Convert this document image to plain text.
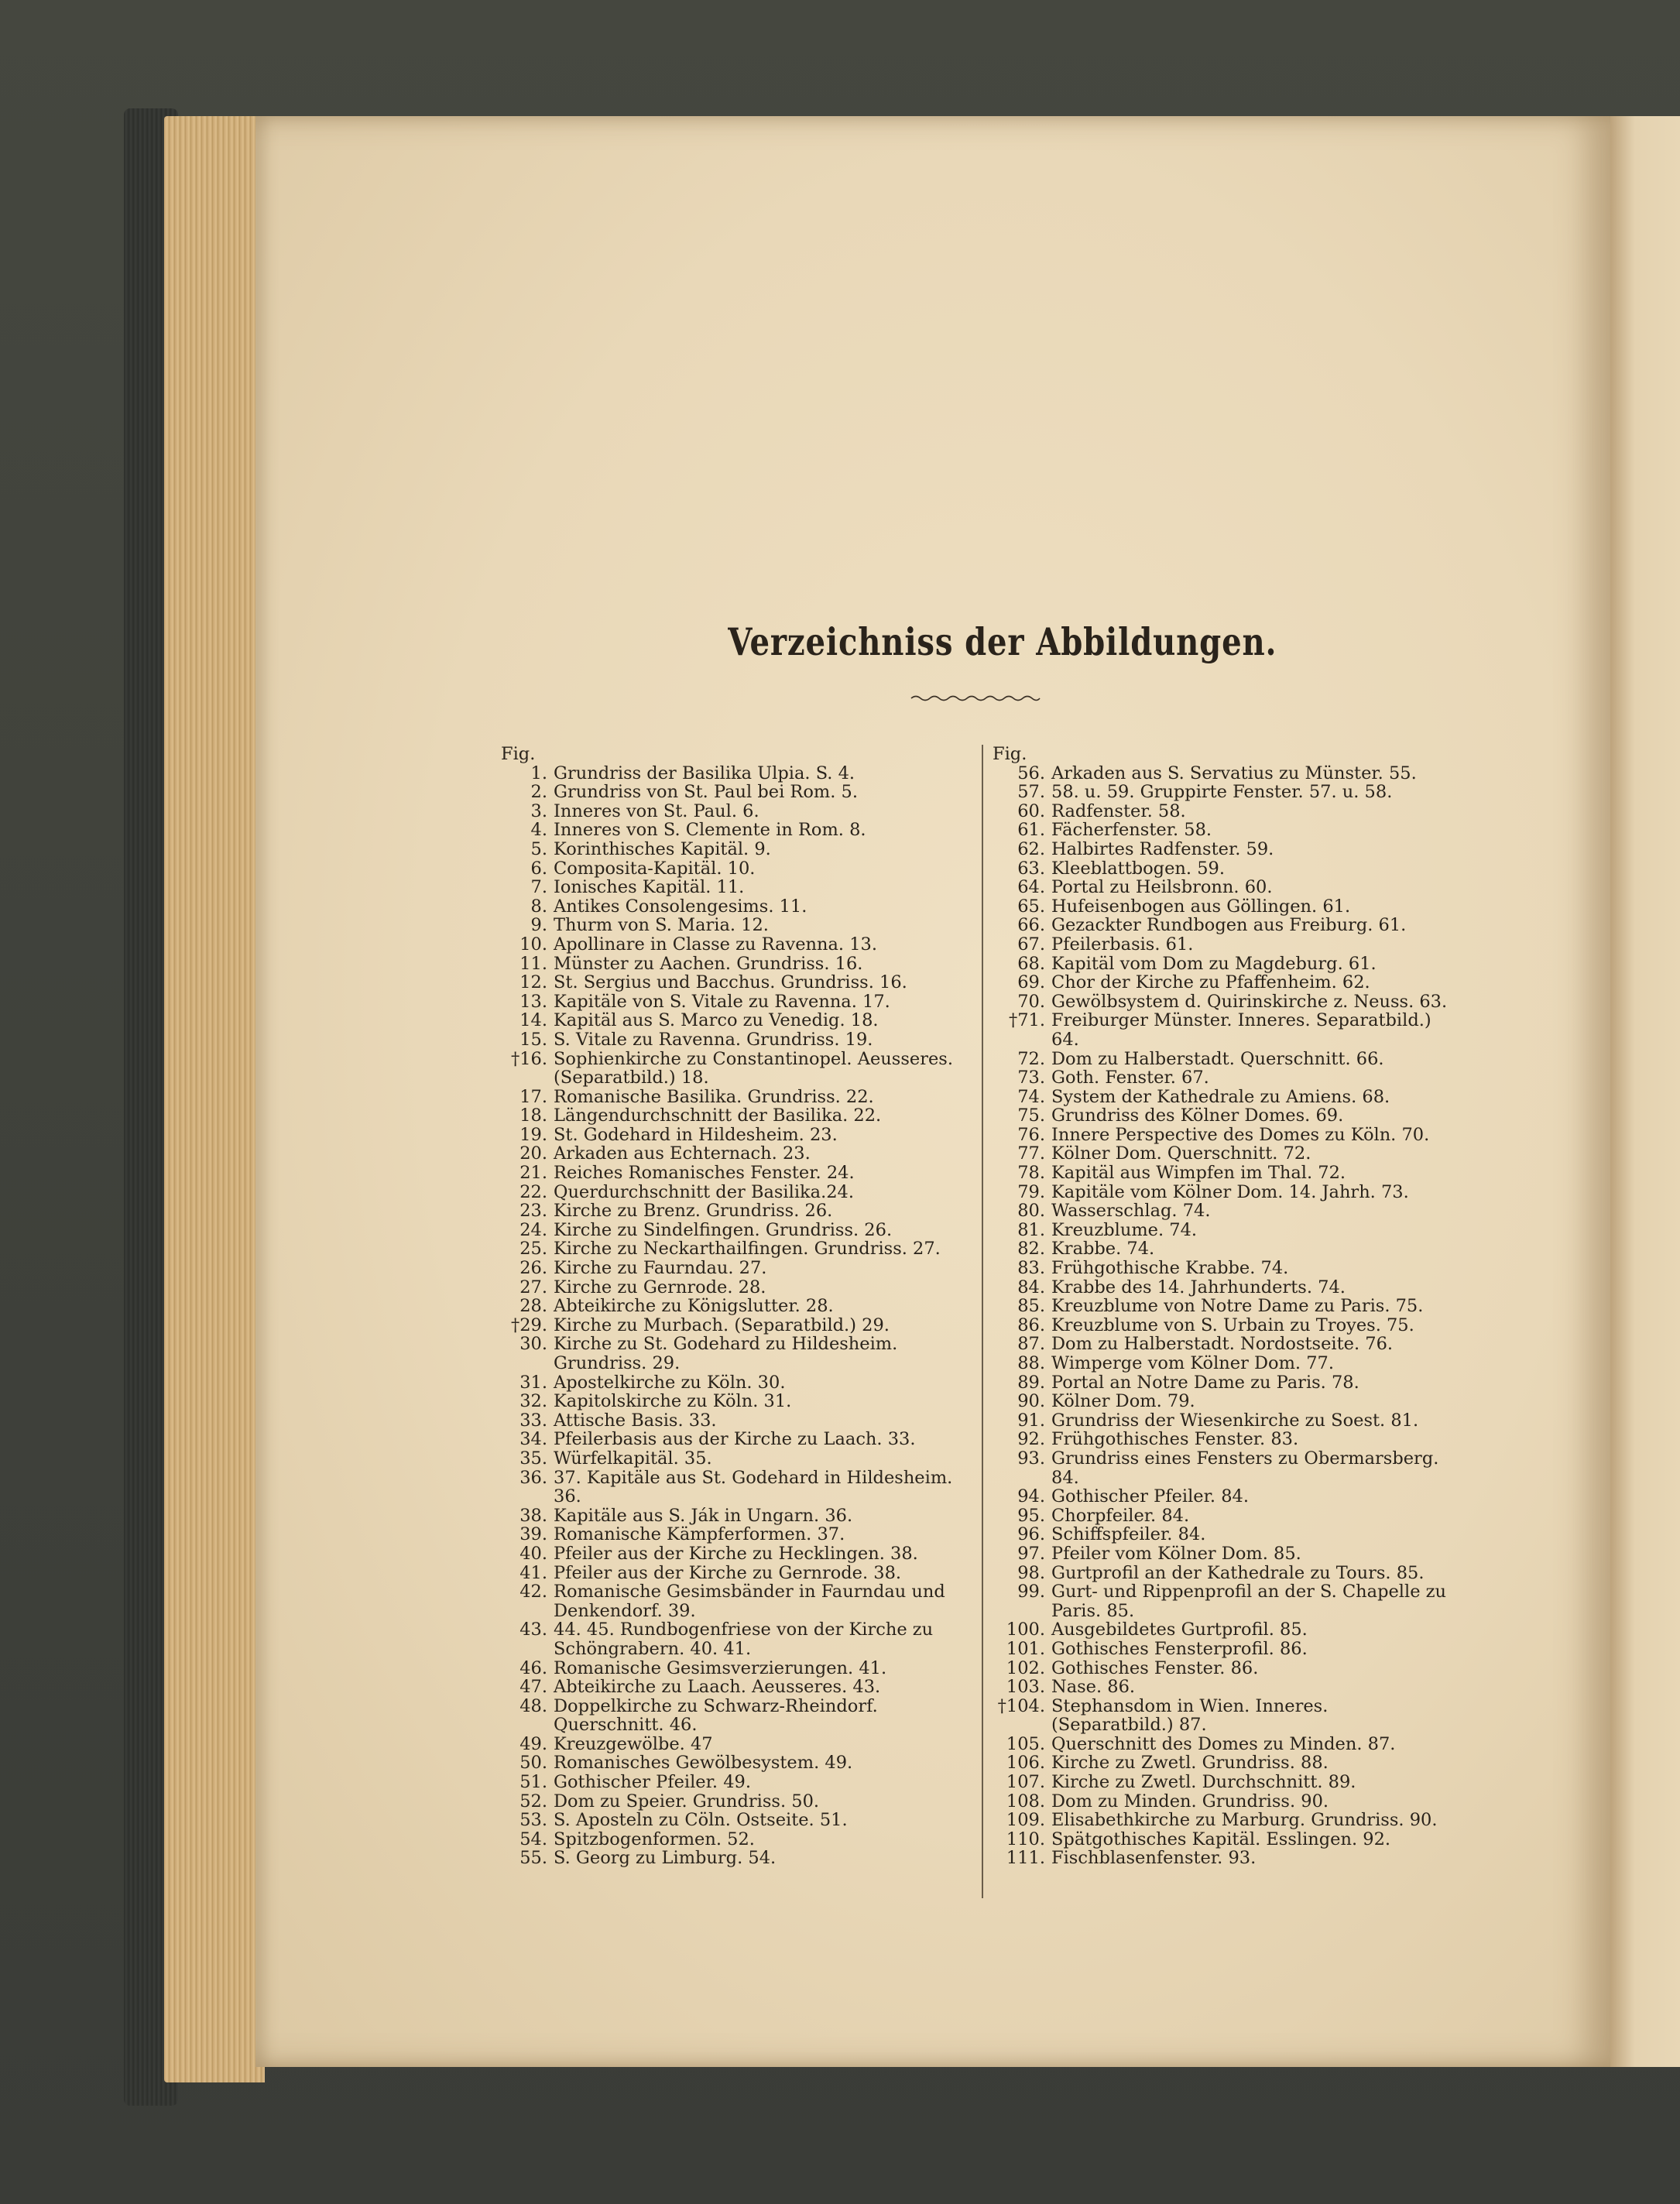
Verzeichniss der Abbildungen.
Fig.
1. Grundriss der Basilika Ulpia. S. 4.
2. Grundriss von St. Paul bei Rom. 5.
3. Inneres von St. Paul. 6.
4. Inneres von S. Clemente in Rom. 8.
5. Korinthisches Kapitäl. 9.
6. Composita-Kapitäl. 10.
7. Ionisches Kapitäl. 11.
8. Antikes Consolengesims. 11.
9. Thurm von S. Maria. 12.
10. Apollinare in Classe zu Ravenna. 13.
11. Münster zu Aachen. Grundriss. 16.
12. St. Sergius und Bacchus. Grundriss. 16.
13. Kapitäle von S. Vitale zu Ravenna. 17.
14. Kapitäl aus S. Marco zu Venedig. 18.
15. S. Vitale zu Ravenna. Grundriss. 19.
†16. Sophienkirche zu Constantinopel. Aeusseres. (Separatbild.) 18.
17. Romanische Basilika. Grundriss. 22.
18. Längendurchschnitt der Basilika. 22.
19. St. Godehard in Hildesheim. 23.
20. Arkaden aus Echternach. 23.
21. Reiches Romanisches Fenster. 24.
22. Querdurchschnitt der Basilika.24.
23. Kirche zu Brenz. Grundriss. 26.
24. Kirche zu Sindelfingen. Grundriss. 26.
25. Kirche zu Neckarthailfingen. Grundriss. 27.
26. Kirche zu Faurndau. 27.
27. Kirche zu Gernrode. 28.
28. Abteikirche zu Königslutter. 28.
†29. Kirche zu Murbach. (Separatbild.) 29.
30. Kirche zu St. Godehard zu Hildesheim. Grundriss. 29.
31. Apostelkirche zu Köln. 30.
32. Kapitolskirche zu Köln. 31.
33. Attische Basis. 33.
34. Pfeilerbasis aus der Kirche zu Laach. 33.
35. Würfelkapitäl. 35.
36. 37. Kapitäle aus St. Godehard in Hildesheim. 36.
38. Kapitäle aus S. Ják in Ungarn. 36.
39. Romanische Kämpferformen. 37.
40. Pfeiler aus der Kirche zu Hecklingen. 38.
41. Pfeiler aus der Kirche zu Gernrode. 38.
42. Romanische Gesimsbänder in Faurndau und Denkendorf. 39.
43. 44. 45. Rundbogenfriese von der Kirche zu Schöngrabern. 40. 41.
46. Romanische Gesimsverzierungen. 41.
47. Abteikirche zu Laach. Aeusseres. 43.
48. Doppelkirche zu Schwarz-Rheindorf. Querschnitt. 46.
49. Kreuzgewölbe. 47
50. Romanisches Gewölbesystem. 49.
51. Gothischer Pfeiler. 49.
52. Dom zu Speier. Grundriss. 50.
53. S. Aposteln zu Cöln. Ostseite. 51.
54. Spitzbogenformen. 52.
55. S. Georg zu Limburg. 54.
Fig.
56. Arkaden aus S. Servatius zu Münster. 55.
57. 58. u. 59. Gruppirte Fenster. 57. u. 58.
60. Radfenster. 58.
61. Fächerfenster. 58.
62. Halbirtes Radfenster. 59.
63. Kleeblattbogen. 59.
64. Portal zu Heilsbronn. 60.
65. Hufeisenbogen aus Göllingen. 61.
66. Gezackter Rundbogen aus Freiburg. 61.
67. Pfeilerbasis. 61.
68. Kapitäl vom Dom zu Magdeburg. 61.
69. Chor der Kirche zu Pfaffenheim. 62.
70. Gewölbsystem d. Quirinskirche z. Neuss. 63.
†71. Freiburger Münster. Inneres. Separatbild.) 64.
72. Dom zu Halberstadt. Querschnitt. 66.
73. Goth. Fenster. 67.
74. System der Kathedrale zu Amiens. 68.
75. Grundriss des Kölner Domes. 69.
76. Innere Perspective des Domes zu Köln. 70.
77. Kölner Dom. Querschnitt. 72.
78. Kapitäl aus Wimpfen im Thal. 72.
79. Kapitäle vom Kölner Dom. 14. Jahrh. 73.
80. Wasserschlag. 74.
81. Kreuzblume. 74.
82. Krabbe. 74.
83. Frühgothische Krabbe. 74.
84. Krabbe des 14. Jahrhunderts. 74.
85. Kreuzblume von Notre Dame zu Paris. 75.
86. Kreuzblume von S. Urbain zu Troyes. 75.
87. Dom zu Halberstadt. Nordostseite. 76.
88. Wimperge vom Kölner Dom. 77.
89. Portal an Notre Dame zu Paris. 78.
90. Kölner Dom. 79.
91. Grundriss der Wiesenkirche zu Soest. 81.
92. Frühgothisches Fenster. 83.
93. Grundriss eines Fensters zu Obermarsberg. 84.
94. Gothischer Pfeiler. 84.
95. Chorpfeiler. 84.
96. Schiffspfeiler. 84.
97. Pfeiler vom Kölner Dom. 85.
98. Gurtprofil an der Kathedrale zu Tours. 85.
99. Gurt- und Rippenprofil an der S. Chapelle zu Paris. 85.
100. Ausgebildetes Gurtprofil. 85.
101. Gothisches Fensterprofil. 86.
102. Gothisches Fenster. 86.
103. Nase. 86.
†104. Stephansdom in Wien. Inneres. (Separatbild.) 87.
105. Querschnitt des Domes zu Minden. 87.
106. Kirche zu Zwetl. Grundriss. 88.
107. Kirche zu Zwetl. Durchschnitt. 89.
108. Dom zu Minden. Grundriss. 90.
109. Elisabethkirche zu Marburg. Grundriss. 90.
110. Spätgothisches Kapitäl. Esslingen. 92.
111. Fischblasenfenster. 93.
